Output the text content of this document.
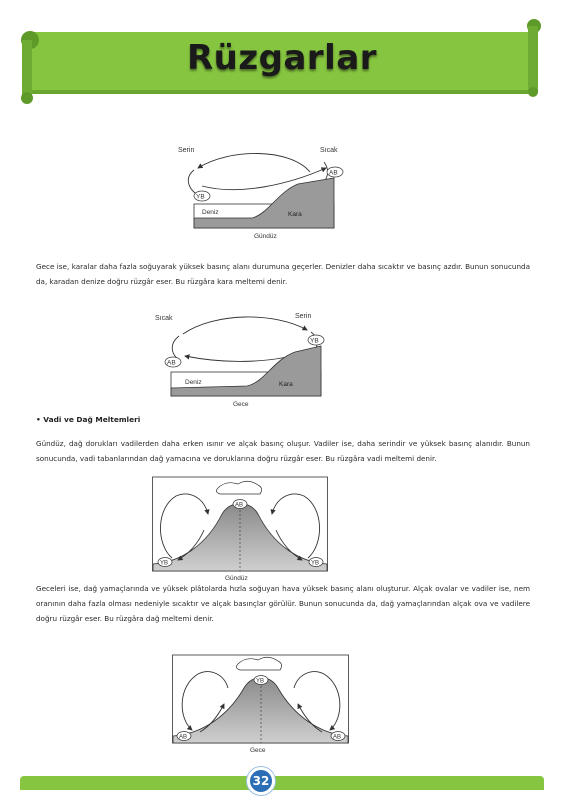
Rüzgarlar
Serin	Sıcak
AB
YB
Deniz	Kara
Gündüz

Gece ise, karalar daha fazla soğuyarak yüksek basınç alanı durumuna geçerler. Denizler daha sıcaktır ve basınç azdır. Bunun sonucunda da, karadan denize doğru rüzgâr eser. Bu rüzgâra kara meltemi denir.

Sıcak	Serin
YB
AB
Deniz	Kara
Gece

• Vadi ve Dağ Meltemleri

Gündüz, dağ dorukları vadilerden daha erken ısınır ve alçak basınç oluşur. Vadiler ise, daha serindir ve yüksek basınç alanıdır. Bunun sonucunda, vadi tabanlarından dağ yamacına ve doruklarına doğru rüzgâr eser. Bu rüzgâra vadi meltemi denir.

AB
YB	YB
Gündüz

Geceleri ise, dağ yamaçlarında ve yüksek plâtolarda hızla soğuyan hava yüksek basınç alanı oluşturur. Alçak ovalar ve vadiler ise, nem oranının daha fazla olması nedeniyle sıcaktır ve alçak basınçlar görülür. Bunun sonucunda da, dağ yamaçlarından alçak ova ve vadilere doğru rüzgâr eser. Bu rüzgâra dağ meltemi denir.

YB
AB	AB
Gece
32
